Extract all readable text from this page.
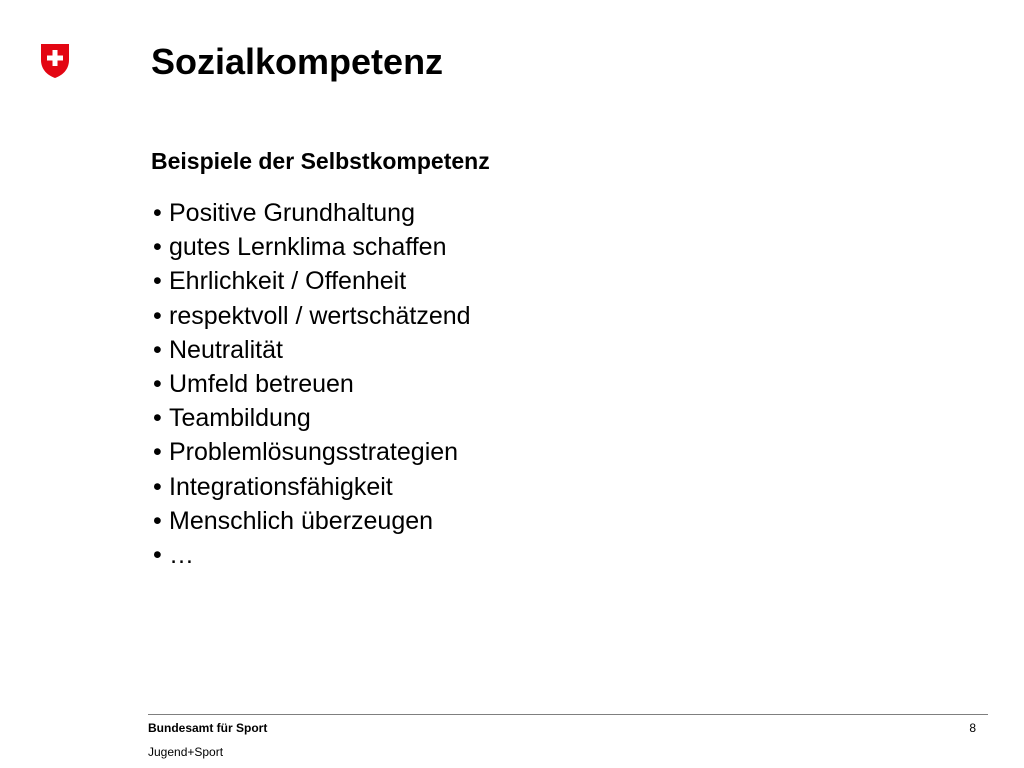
Sozialkompetenz
Beispiele der Selbstkompetenz
• Positive Grundhaltung
• gutes Lernklima schaffen
• Ehrlichkeit / Offenheit
• respektvoll / wertschätzend
• Neutralität
• Umfeld betreuen
• Teambildung
• Problemlösungsstrategien
• Integrationsfähigkeit
• Menschlich überzeugen
• …
Bundesamt für Sport
Jugend+Sport
8
